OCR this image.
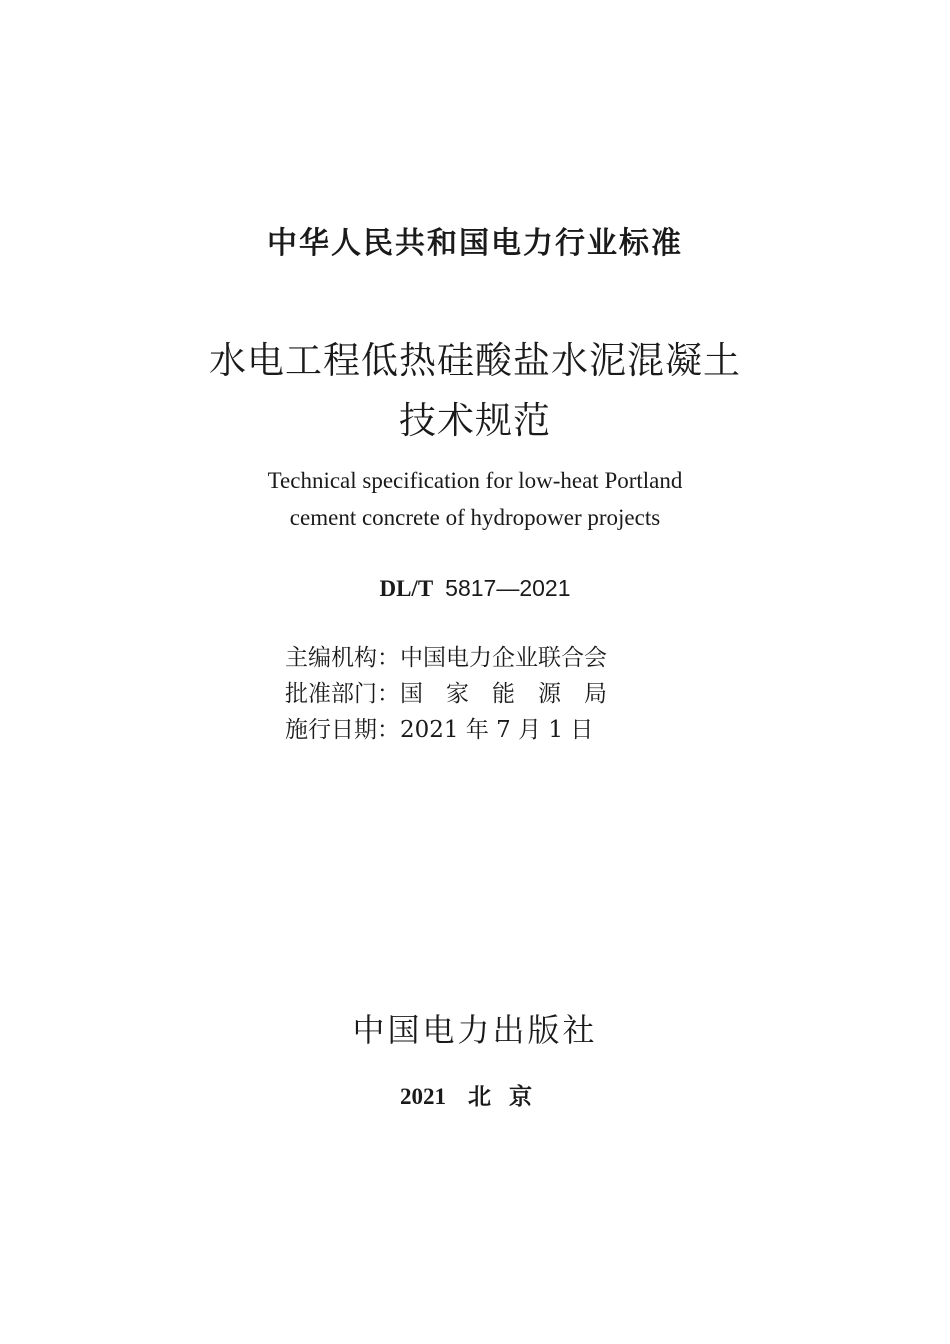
中华人民共和国电力行业标准
水电工程低热硅酸盐水泥混凝土
技术规范
Technical specification for low-heat Portland
cement concrete of hydropower projects
DL/T 5817—2021
主编机构：中国电力企业联合会
批准部门：国　家　能　源　局
施行日期：2021 年 7 月 1 日
中国电力出版社
2021 北京
